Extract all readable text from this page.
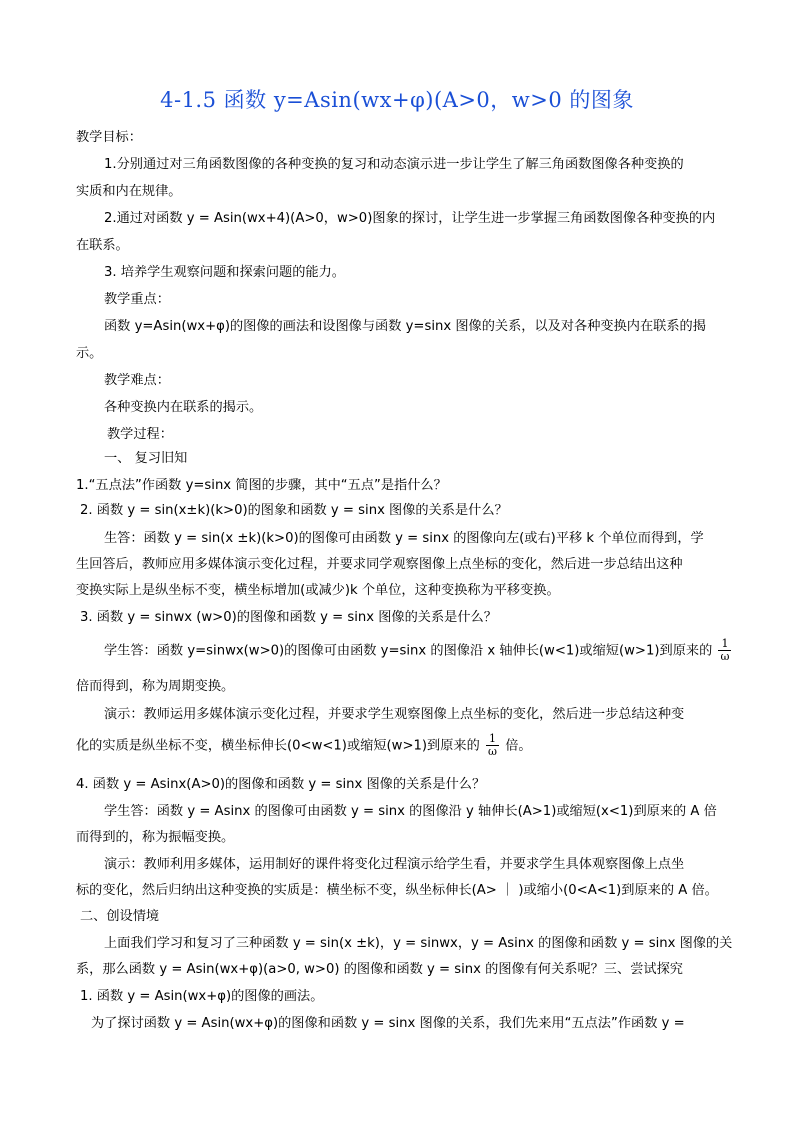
4-1.5 函数 y=Asin(wx+φ)(A>0，w>0 的图象
教学目标：
1.分别通过对三角函数图像的各种变换的复习和动态演示进一步让学生了解三角函数图像各种变换的
实质和内在规律。
2.通过对函数 y = Asin(wx+4)(A>0，w>0)图象的探讨，让学生进一步掌握三角函数图像各种变换的内
在联系。
3. 培养学生观察问题和探索问题的能力。
教学重点：
函数 y=Asin(wx+φ)的图像的画法和设图像与函数 y=sinx 图像的关系，以及对各种变换内在联系的揭
示。
教学难点：
各种变换内在联系的揭示。
教学过程：
一、 复习旧知
1.“五点法”作函数 y=sinx 简图的步骤，其中“五点”是指什么？
2. 函数 y = sin(x±k)(k>0)的图象和函数 y = sinx 图像的关系是什么？
生答：函数 y = sin(x ±k)(k>0)的图像可由函数 y = sinx 的图像向左(或右)平移 k 个单位而得到，学
生回答后，教师应用多媒体演示变化过程，并要求同学观察图像上点坐标的变化，然后进一步总结出这种
变换实际上是纵坐标不变，横坐标增加(或减少)k 个单位，这种变换称为平移变换。
3. 函数 y = sinwx (w>0)的图像和函数 y = sinx 图像的关系是什么？
学生答：函数 y=sinwx(w>0)的图像可由函数 y=sinx 的图像沿 x 轴伸长(w<1)或缩短(w>1)到原来的 $\frac{1}{\omega}$
倍而得到，称为周期变换。
演示：教师运用多媒体演示变化过程，并要求学生观察图像上点坐标的变化，然后进一步总结这种变
化的实质是纵坐标不变，横坐标伸长(0<w<1)或缩短(w>1)到原来的 $\frac{1}{\omega}$ 倍。
4. 函数 y = Asinx(A>0)的图像和函数 y = sinx 图像的关系是什么？
学生答：函数 y = Asinx 的图像可由函数 y = sinx 的图像沿 y 轴伸长(A>1)或缩短(x<1)到原来的 A 倍
而得到的，称为振幅变换。
演示：教师利用多媒体，运用制好的课件将变化过程演示给学生看，并要求学生具体观察图像上点坐
标的变化，然后归纳出这种变换的实质是：横坐标不变，纵坐标伸长(A> ｜ )或缩小(0<A<1)到原来的 A 倍。
二、创设情境
上面我们学习和复习了三种函数 y = sin(x ±k)，y = sinwx，y = Asinx 的图像和函数 y = sinx 图像的关
系，那么函数 y = Asin(wx+φ)(a>0, w>0) 的图像和函数 y = sinx 的图像有何关系呢？三、尝试探究
1. 函数 y = Asin(wx+φ)的图像的画法。
为了探讨函数 y = Asin(wx+φ)的图像和函数 y = sinx 图像的关系，我们先来用“五点法”作函数 y =
